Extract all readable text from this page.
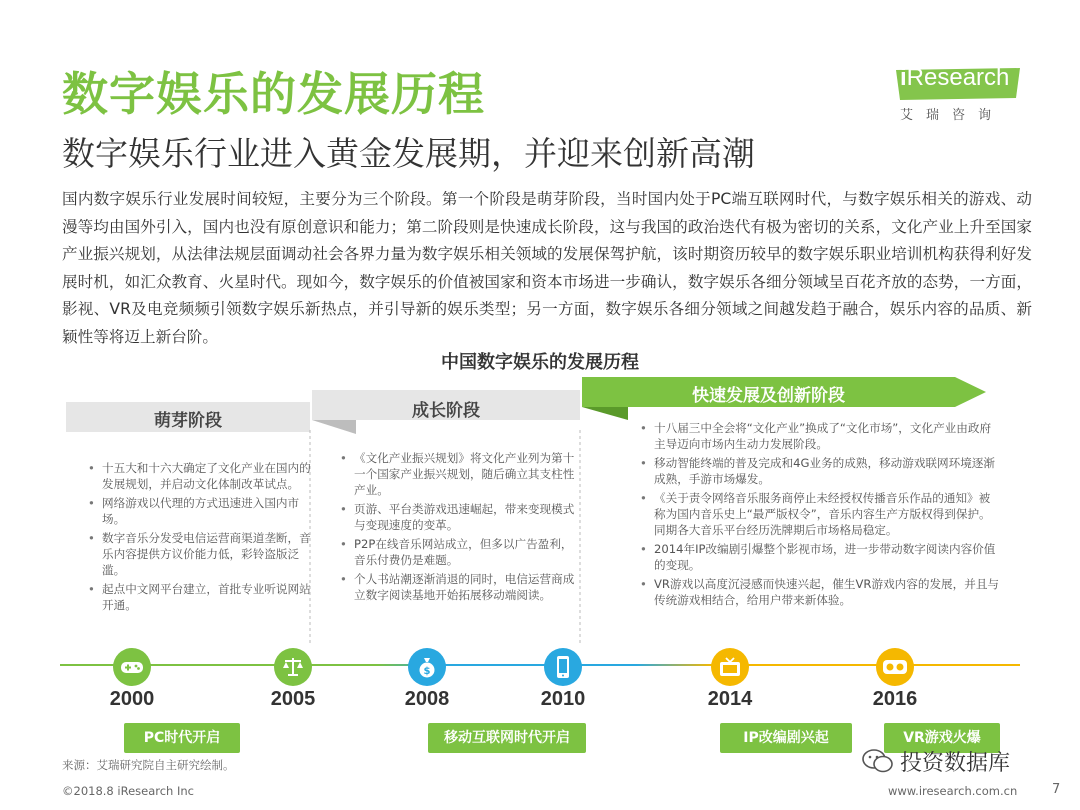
数字娱乐的发展历程
数字娱乐行业进入黄金发展期，并迎来创新高潮
iResearch
艾瑞咨询
国内数字娱乐行业发展时间较短，主要分为三个阶段。第一个阶段是萌芽阶段，当时国内处于PC端互联网时代，与数字娱乐相关的游戏、动漫等均由国外引入，国内也没有原创意识和能力；第二阶段则是快速成长阶段，这与我国的政治迭代有极为密切的关系，文化产业上升至国家产业振兴规划，从法律法规层面调动社会各界力量为数字娱乐相关领域的发展保驾护航，该时期资历较早的数字娱乐职业培训机构获得利好发展时机，如汇众教育、火星时代。现如今，数字娱乐的价值被国家和资本市场进一步确认，数字娱乐各细分领域呈百花齐放的态势，一方面，影视、VR及电竞频频引领数字娱乐新热点，并引导新的娱乐类型；另一方面，数字娱乐各细分领域之间越发趋于融合，娱乐内容的品质、新颖性等将迈上新台阶。
中国数字娱乐的发展历程
萌芽阶段	成长阶段
快速发展及创新阶段
• 十五大和十六大确定了文化产业在国内的发展规划，并启动文化体制改革试点。
• 网络游戏以代理的方式迅速进入国内市场。
• 数字音乐分发受电信运营商渠道垄断，音乐内容提供方议价能力低，彩铃盗版泛滥。
• 起点中文网平台建立，首批专业听说网站开通。
• 《文化产业振兴规划》将文化产业列为第十一个国家产业振兴规划，随后确立其支柱性产业。
• 页游、平台类游戏迅速崛起，带来变现模式与变现速度的变革。
• P2P在线音乐网站成立，但多以广告盈利，音乐付费仍是难题。
• 个人书站潮逐渐消退的同时，电信运营商成立数字阅读基地开始拓展移动端阅读。
• 十八届三中全会将“文化产业”换成了“文化市场”，文化产业由政府主导迈向市场内生动力发展阶段。
• 移动智能终端的普及完成和4G业务的成熟，移动游戏联网环境逐渐成熟，手游市场爆发。
• 《关于责令网络音乐服务商停止未经授权传播音乐作品的通知》被称为国内音乐史上“最严版权令”，音乐内容生产方版权得到保护。同期各大音乐平台经历洗牌期后市场格局稳定。
• 2014年IP改编剧引爆整个影视市场，进一步带动数字阅读内容价值的变现。
• VR游戏以高度沉浸感而快速兴起，催生VR游戏内容的发展，并且与传统游戏相结合，给用户带来新体验。
$
2000	2005	2008	2010	2014	2016
PC时代开启	移动互联网时代开启	IP改编剧兴起	VR游戏火爆
来源：艾瑞研究院自主研究绘制。
©2018.8 iResearch Inc
投资数据库
www.iresearch.com.cn	7
